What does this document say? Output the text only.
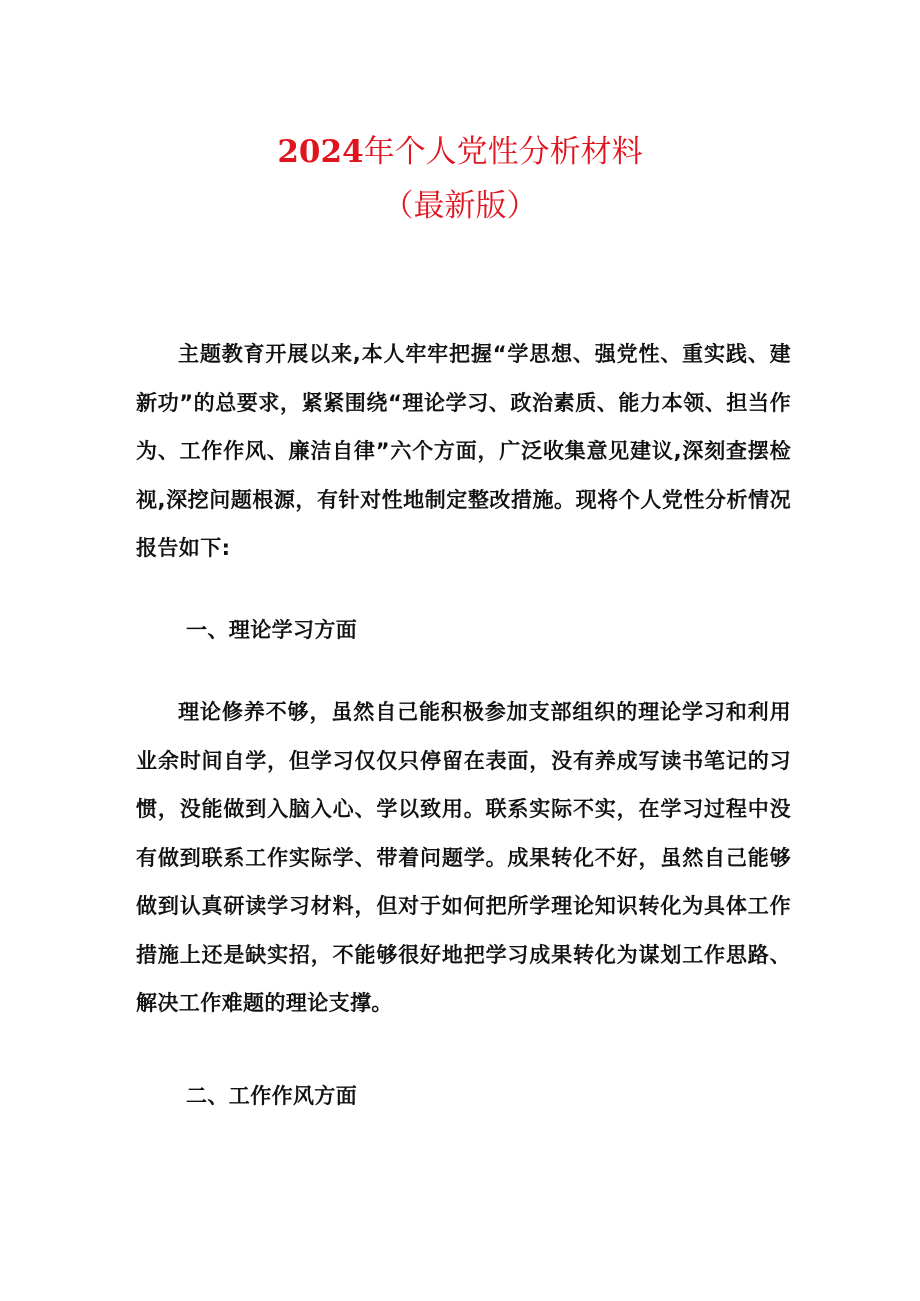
2024年个人党性分析材料
（最新版）

主题教育开展以来,本人牢牢把握“学思想、强党性、重实践、建新功”的总要求，紧紧围绕“理论学习、政治素质、能力本领、担当作为、工作作风、廉洁自律”六个方面，广泛收集意见建议,深刻查摆检视,深挖问题根源，有针对性地制定整改措施。现将个人党性分析情况报告如下:

一、理论学习方面

理论修养不够，虽然自己能积极参加支部组织的理论学习和利用业余时间自学，但学习仅仅只停留在表面，没有养成写读书笔记的习惯，没能做到入脑入心、学以致用。联系实际不实，在学习过程中没有做到联系工作实际学、带着问题学。成果转化不好，虽然自己能够做到认真研读学习材料，但对于如何把所学理论知识转化为具体工作措施上还是缺实招，不能够很好地把学习成果转化为谋划工作思路、解决工作难题的理论支撑。

二、工作作风方面
